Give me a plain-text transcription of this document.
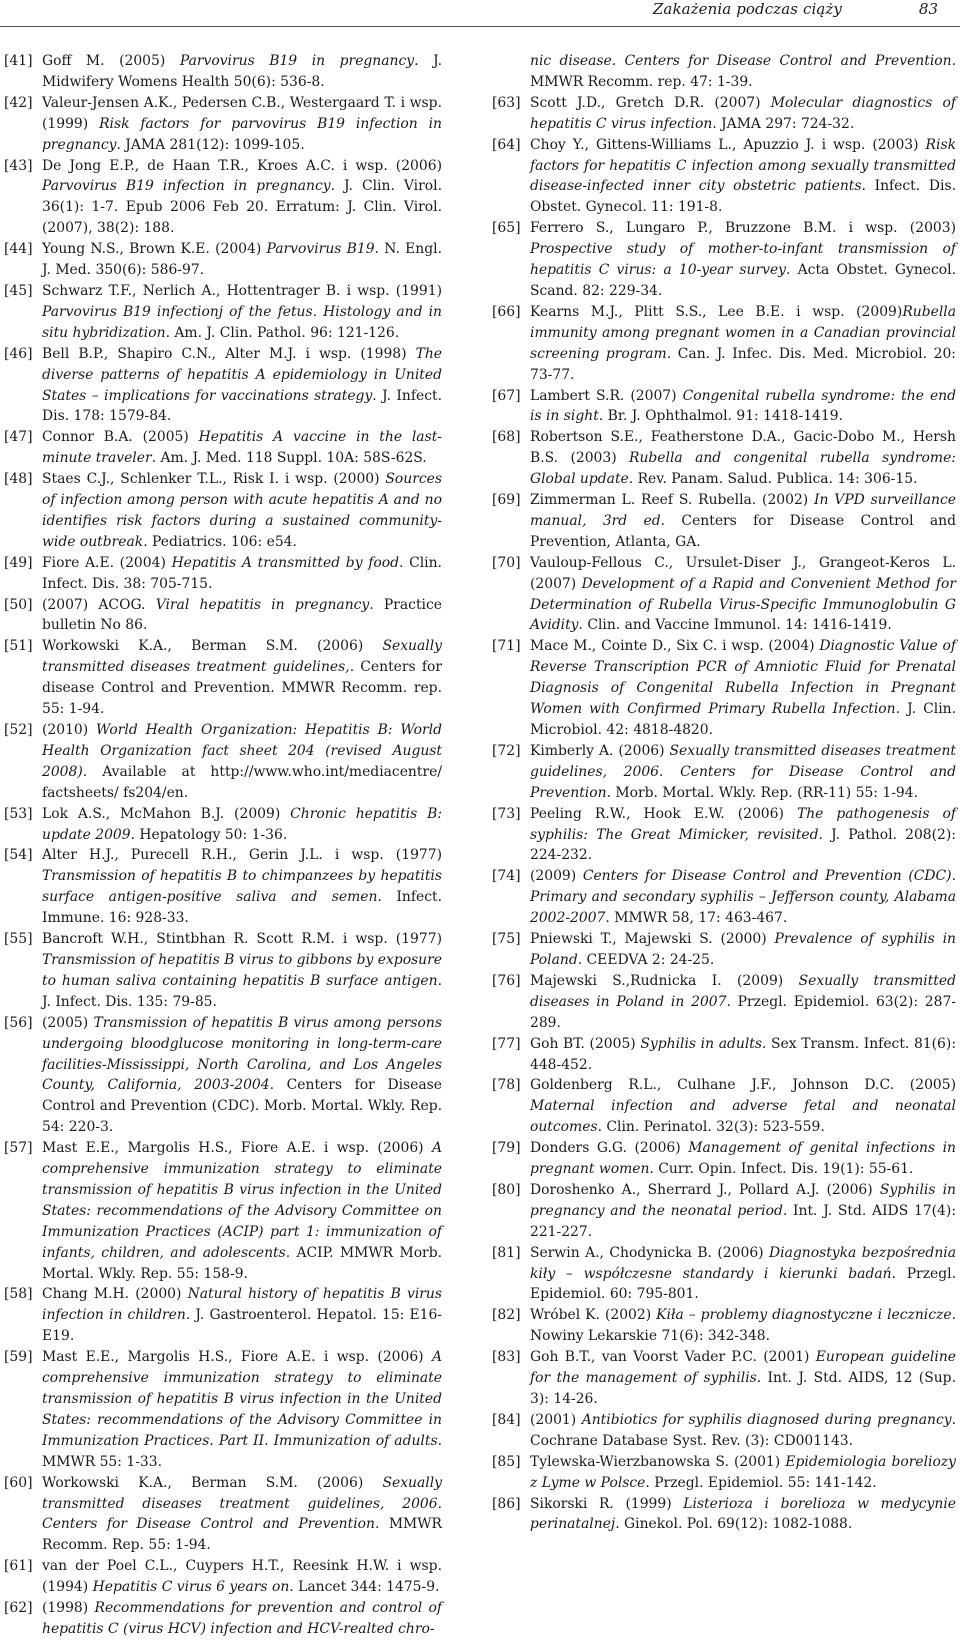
Zakażenia podczas ciąży	83
[41] Goff M. (2005) Parvovirus B19 in pregnancy. J. Midwifery Womens Health 50(6): 536-8.
[42] Valeur-Jensen A.K., Pedersen C.B., Westergaard T. i wsp. (1999) Risk factors for parvovirus B19 infection in pregnancy. JAMA 281(12): 1099-105.
[43] De Jong E.P., de Haan T.R., Kroes A.C. i wsp. (2006) Parvovirus B19 infection in pregnancy. J. Clin. Virol. 36(1): 1-7. Epub 2006 Feb 20. Erratum: J. Clin. Virol. (2007), 38(2): 188.
[44] Young N.S., Brown K.E. (2004) Parvovirus B19. N. Engl. J. Med. 350(6): 586-97.
[45] Schwarz T.F., Nerlich A., Hottentrager B. i wsp. (1991) Parvovirus B19 infectionj of the fetus. Histology and in situ hybridization. Am. J. Clin. Pathol. 96: 121-126.
[46] Bell B.P., Shapiro C.N., Alter M.J. i wsp. (1998) The diverse patterns of hepatitis A epidemiology in United States – implications for vaccinations strategy. J. Infect. Dis. 178: 1579-84.
[47] Connor B.A. (2005) Hepatitis A vaccine in the last-minute traveler. Am. J. Med. 118 Suppl. 10A: 58S-62S.
[48] Staes C.J., Schlenker T.L., Risk I. i wsp. (2000) Sources of infection among person with acute hepatitis A and no identifies risk factors during a sustained community-wide outbreak. Pediatrics. 106: e54.
[49] Fiore A.E. (2004) Hepatitis A transmitted by food. Clin. Infect. Dis. 38: 705-715.
[50] (2007) ACOG. Viral hepatitis in pregnancy. Practice bulletin No 86.
[51] Workowski K.A., Berman S.M. (2006) Sexually transmitted diseases treatment guidelines,. Centers for disease Control and Prevention. MMWR Recomm. rep. 55: 1-94.
[52] (2010) World Health Organization: Hepatitis B: World Health Organization fact sheet 204 (revised August 2008). Available at http://www.who.int/mediacentre/ factsheets/ fs204/en.
[53] Lok A.S., McMahon B.J. (2009) Chronic hepatitis B: update 2009. Hepatology 50: 1-36.
[54] Alter H.J., Purecell R.H., Gerin J.L. i wsp. (1977) Transmission of hepatitis B to chimpanzees by hepatitis surface antigen-positive saliva and semen. Infect. Immune. 16: 928-33.
[55] Bancroft W.H., Stintbhan R. Scott R.M. i wsp. (1977) Transmission of hepatitis B virus to gibbons by exposure to human saliva containing hepatitis B surface antigen. J. Infect. Dis. 135: 79-85.
[56] (2005) Transmission of hepatitis B virus among persons undergoing bloodglucose monitoring in long-term-care facilities-Mississippi, North Carolina, and Los Angeles County, California, 2003-2004. Centers for Disease Control and Prevention (CDC). Morb. Mortal. Wkly. Rep. 54: 220-3.
[57] Mast E.E., Margolis H.S., Fiore A.E. i wsp. (2006) A comprehensive immunization strategy to eliminate transmission of hepatitis B virus infection in the United States: recommendations of the Advisory Committee on Immunization Practices (ACIP) part 1: immunization of infants, children, and adolescents. ACIP. MMWR Morb. Mortal. Wkly. Rep. 55: 158-9.
[58] Chang M.H. (2000) Natural history of hepatitis B virus infection in children. J. Gastroenterol. Hepatol. 15: E16-E19.
[59] Mast E.E., Margolis H.S., Fiore A.E. i wsp. (2006) A comprehensive immunization strategy to eliminate transmission of hepatitis B virus infection in the United States: recommendations of the Advisory Committee in Immunization Practices. Part II. Immunization of adults. MMWR 55: 1-33.
[60] Workowski K.A., Berman S.M. (2006) Sexually transmitted diseases treatment guidelines, 2006. Centers for Disease Control and Prevention. MMWR Recomm. Rep. 55: 1-94.
[61] van der Poel C.L., Cuypers H.T., Reesink H.W. i wsp. (1994) Hepatitis C virus 6 years on. Lancet 344: 1475-9.
[62] (1998) Recommendations for prevention and control of hepatitis C (virus HCV) infection and HCV-realted chro-
nic disease. Centers for Disease Control and Prevention. MMWR Recomm. rep. 47: 1-39.
[63] Scott J.D., Gretch D.R. (2007) Molecular diagnostics of hepatitis C virus infection. JAMA 297: 724-32.
[64] Choy Y., Gittens-Williams L., Apuzzio J. i wsp. (2003) Risk factors for hepatitis C infection among sexually transmitted disease-infected inner city obstetric patients. Infect. Dis. Obstet. Gynecol. 11: 191-8.
[65] Ferrero S., Lungaro P., Bruzzone B.M. i wsp. (2003) Prospective study of mother-to-infant transmission of hepatitis C virus: a 10-year survey. Acta Obstet. Gynecol. Scand. 82: 229-34.
[66] Kearns M.J., Plitt S.S., Lee B.E. i wsp. (2009)Rubella immunity among pregnant women in a Canadian provincial screening program. Can. J. Infec. Dis. Med. Microbiol. 20: 73-77.
[67] Lambert S.R. (2007) Congenital rubella syndrome: the end is in sight. Br. J. Ophthalmol. 91: 1418-1419.
[68] Robertson S.E., Featherstone D.A., Gacic-Dobo M., Hersh B.S. (2003) Rubella and congenital rubella syndrome: Global update. Rev. Panam. Salud. Publica. 14: 306-15.
[69] Zimmerman L. Reef S. Rubella. (2002) In VPD surveillance manual, 3rd ed. Centers for Disease Control and Prevention, Atlanta, GA.
[70] Vauloup-Fellous C., Ursulet-Diser J., Grangeot-Keros L. (2007) Development of a Rapid and Convenient Method for Determination of Rubella Virus-Specific Immunoglobulin G Avidity. Clin. and Vaccine Immunol. 14: 1416-1419.
[71] Mace M., Cointe D., Six C. i wsp. (2004) Diagnostic Value of Reverse Transcription PCR of Amniotic Fluid for Prenatal Diagnosis of Congenital Rubella Infection in Pregnant Women with Confirmed Primary Rubella Infection. J. Clin. Microbiol. 42: 4818-4820.
[72] Kimberly A. (2006) Sexually transmitted diseases treatment guidelines, 2006. Centers for Disease Control and Prevention. Morb. Mortal. Wkly. Rep. (RR-11) 55: 1-94.
[73] Peeling R.W., Hook E.W. (2006) The pathogenesis of syphilis: The Great Mimicker, revisited. J. Pathol. 208(2): 224-232.
[74] (2009) Centers for Disease Control and Prevention (CDC). Primary and secondary syphilis – Jefferson county, Alabama 2002-2007. MMWR 58, 17: 463-467.
[75] Pniewski T., Majewski S. (2000) Prevalence of syphilis in Poland. CEEDVA 2: 24-25.
[76] Majewski S.,Rudnicka I. (2009) Sexually transmitted diseases in Poland in 2007. Przegl. Epidemiol. 63(2): 287-289.
[77] Goh BT. (2005) Syphilis in adults. Sex Transm. Infect. 81(6): 448-452.
[78] Goldenberg R.L., Culhane J.F., Johnson D.C. (2005) Maternal infection and adverse fetal and neonatal outcomes. Clin. Perinatol. 32(3): 523-559.
[79] Donders G.G. (2006) Management of genital infections in pregnant women. Curr. Opin. Infect. Dis. 19(1): 55-61.
[80] Doroshenko A., Sherrard J., Pollard A.J. (2006) Syphilis in pregnancy and the neonatal period. Int. J. Std. AIDS 17(4): 221-227.
[81] Serwin A., Chodynicka B. (2006) Diagnostyka bezpośrednia kiły – współczesne standardy i kierunki badań. Przegl. Epidemiol. 60: 795-801.
[82] Wróbel K. (2002) Kiła – problemy diagnostyczne i lecznicze. Nowiny Lekarskie 71(6): 342-348.
[83] Goh B.T., van Voorst Vader P.C. (2001) European guideline for the management of syphilis. Int. J. Std. AIDS, 12 (Sup. 3): 14-26.
[84] (2001) Antibiotics for syphilis diagnosed during pregnancy. Cochrane Database Syst. Rev. (3): CD001143.
[85] Tylewska-Wierzbanowska S. (2001) Epidemiologia boreliozy z Lyme w Polsce. Przegl. Epidemiol. 55: 141-142.
[86] Sikorski R. (1999) Listerioza i borelioza w medycynie perinatalnej. Ginekol. Pol. 69(12): 1082-1088.
